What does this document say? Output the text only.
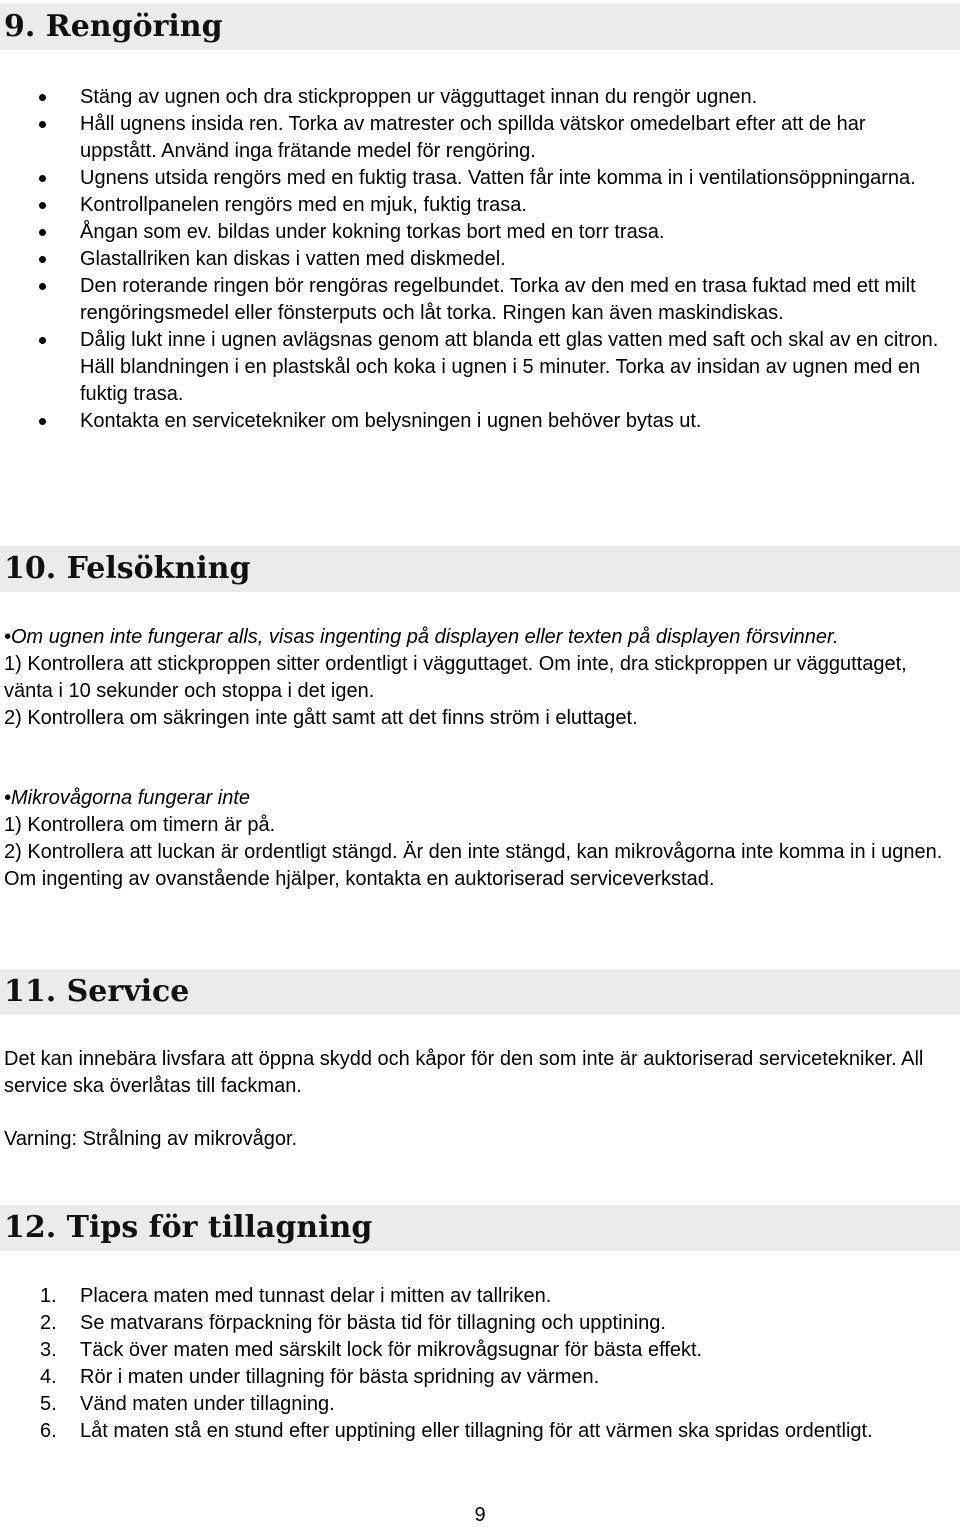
9. Rengöring
Stäng av ugnen och dra stickproppen ur vägguttaget innan du rengör ugnen.
Håll ugnens insida ren. Torka av matrester och spillda vätskor omedelbart efter att de har uppstått. Använd inga frätande medel för rengöring.
Ugnens utsida rengörs med en fuktig trasa. Vatten får inte komma in i ventilationsöppningarna.
Kontrollpanelen rengörs med en mjuk, fuktig trasa.
Ångan som ev. bildas under kokning torkas bort med en torr trasa.
Glastallriken kan diskas i vatten med diskmedel.
Den roterande ringen bör rengöras regelbundet. Torka av den med en trasa fuktad med ett milt rengöringsmedel eller fönsterputs och låt torka. Ringen kan även maskindiskas.
Dålig lukt inne i ugnen avlägsnas genom att blanda ett glas vatten med saft och skal av en citron. Häll blandningen i en plastskål och koka i ugnen i 5 minuter. Torka av insidan av ugnen med en fuktig trasa.
Kontakta en servicetekniker om belysningen i ugnen behöver bytas ut.
10. Felsökning
•Om ugnen inte fungerar alls, visas ingenting på displayen eller texten på displayen försvinner.
1) Kontrollera att stickproppen sitter ordentligt i vägguttaget. Om inte, dra stickproppen ur vägguttaget, vänta i 10 sekunder och stoppa i det igen.
2) Kontrollera om säkringen inte gått samt att det finns ström i eluttaget.
•Mikrovågorna fungerar inte
1) Kontrollera om timern är på.
2) Kontrollera att luckan är ordentligt stängd. Är den inte stängd, kan mikrovågorna inte komma in i ugnen. Om ingenting av ovanstående hjälper, kontakta en auktoriserad serviceverkstad.
11. Service
Det kan innebära livsfara att öppna skydd och kåpor för den som inte är auktoriserad servicetekniker. All service ska överlåtas till fackman.
Varning: Strålning av mikrovågor.
12. Tips för tillagning
1. Placera maten med tunnast delar i mitten av tallriken.
2. Se matvarans förpackning för bästa tid för tillagning och upptining.
3. Täck över maten med särskilt lock för mikrovågsugnar för bästa effekt.
4. Rör i maten under tillagning för bästa spridning av värmen.
5. Vänd maten under tillagning.
6. Låt maten stå en stund efter upptining eller tillagning för att värmen ska spridas ordentligt.
9
